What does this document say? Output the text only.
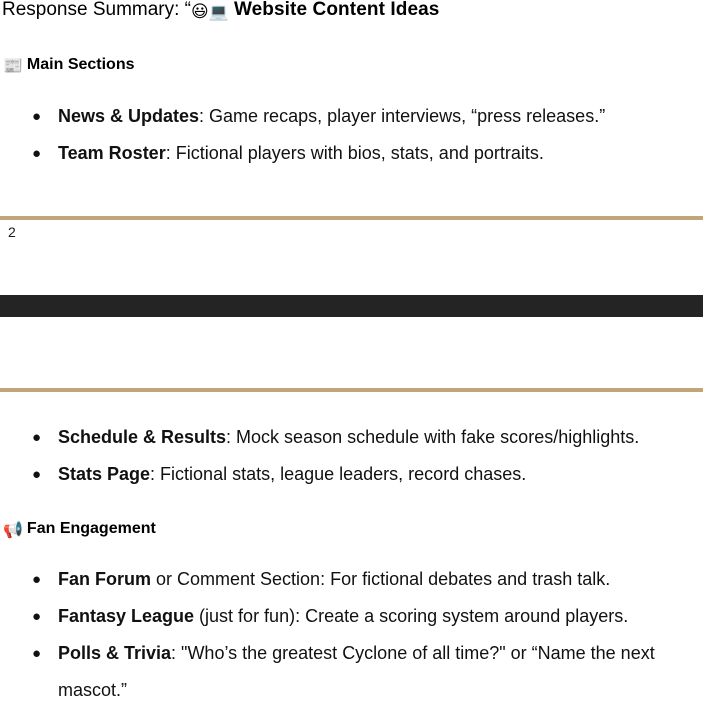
Response Summary: “😃💻 Website Content Ideas
📰 Main Sections
● News & Updates: Game recaps, player interviews, “press releases.”
● Team Roster: Fictional players with bios, stats, and portraits.
2
● Schedule & Results: Mock season schedule with fake scores/highlights.
● Stats Page: Fictional stats, league leaders, record chases.
📢 Fan Engagement
● Fan Forum or Comment Section: For fictional debates and trash talk.
● Fantasy League (just for fun): Create a scoring system around players.
● Polls & Trivia: "Who’s the greatest Cyclone of all time?" or “Name the next mascot.”
